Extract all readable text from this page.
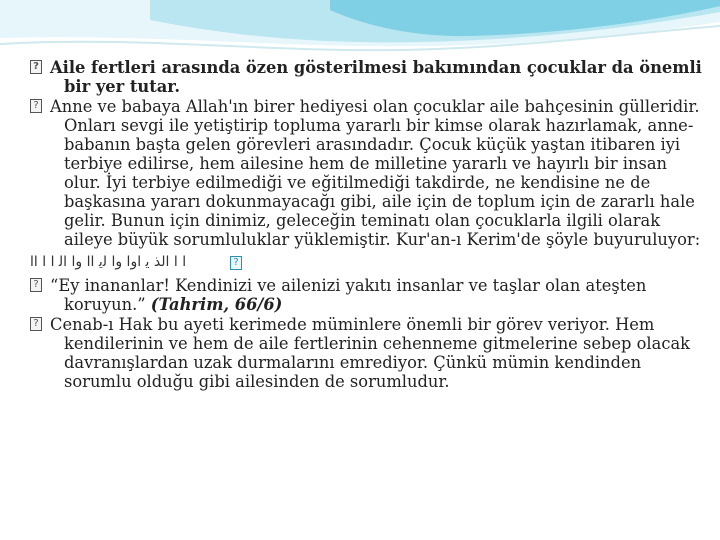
? Aile fertleri arasında özen gösterilmesi bakımından çocuklar da önemli bir yer tutar.

? Anne ve babaya Allah'ın birer hediyesi olan çocuklar aile bahçesinin gülleridir. Onları sevgi ile yetiştirip topluma yararlı bir kimse olarak hazırlamak, anne-babanın başta gelen görevleri arasındadır. Çocuk küçük yaştan itibaren iyi terbiye edilirse, hem ailesine hem de milletine yararlı ve hayırlı bir insan olur. İyi terbiye edilmediği ve eğitilmediği takdirde, ne kendisine ne de başkasına yararı dokunmayacağı gibi, aile için de toplum için de zararlı hale gelir. Bunun için dinimiz, geleceğin teminatı olan çocuklarla ilgili olarak aileye büyük sorumluluklar yüklemiştir. Kur'an-ı Kerim'de şöyle buyuruluyor:

ﺍ ﺍ ﺍﻟﺬ ﻳ ﺍﻭﺍ ﻭﺍ ﻟﻳ ﺍﺍ ﻭﺍ ﺍﻟ ﺍ ﺍ ﺍﺍ	?

? “Ey inananlar! Kendinizi ve ailenizi yakıtı insanlar ve taşlar olan ateşten koruyun.” (Tahrim, 66/6)

? Cenab-ı Hak bu ayeti kerimede müminlere önemli bir görev veriyor. Hem kendilerinin ve hem de aile fertlerinin cehenneme gitmelerine sebep olacak davranışlardan uzak durmalarını emrediyor. Çünkü mümin kendinden sorumlu olduğu gibi ailesinden de sorumludur.
